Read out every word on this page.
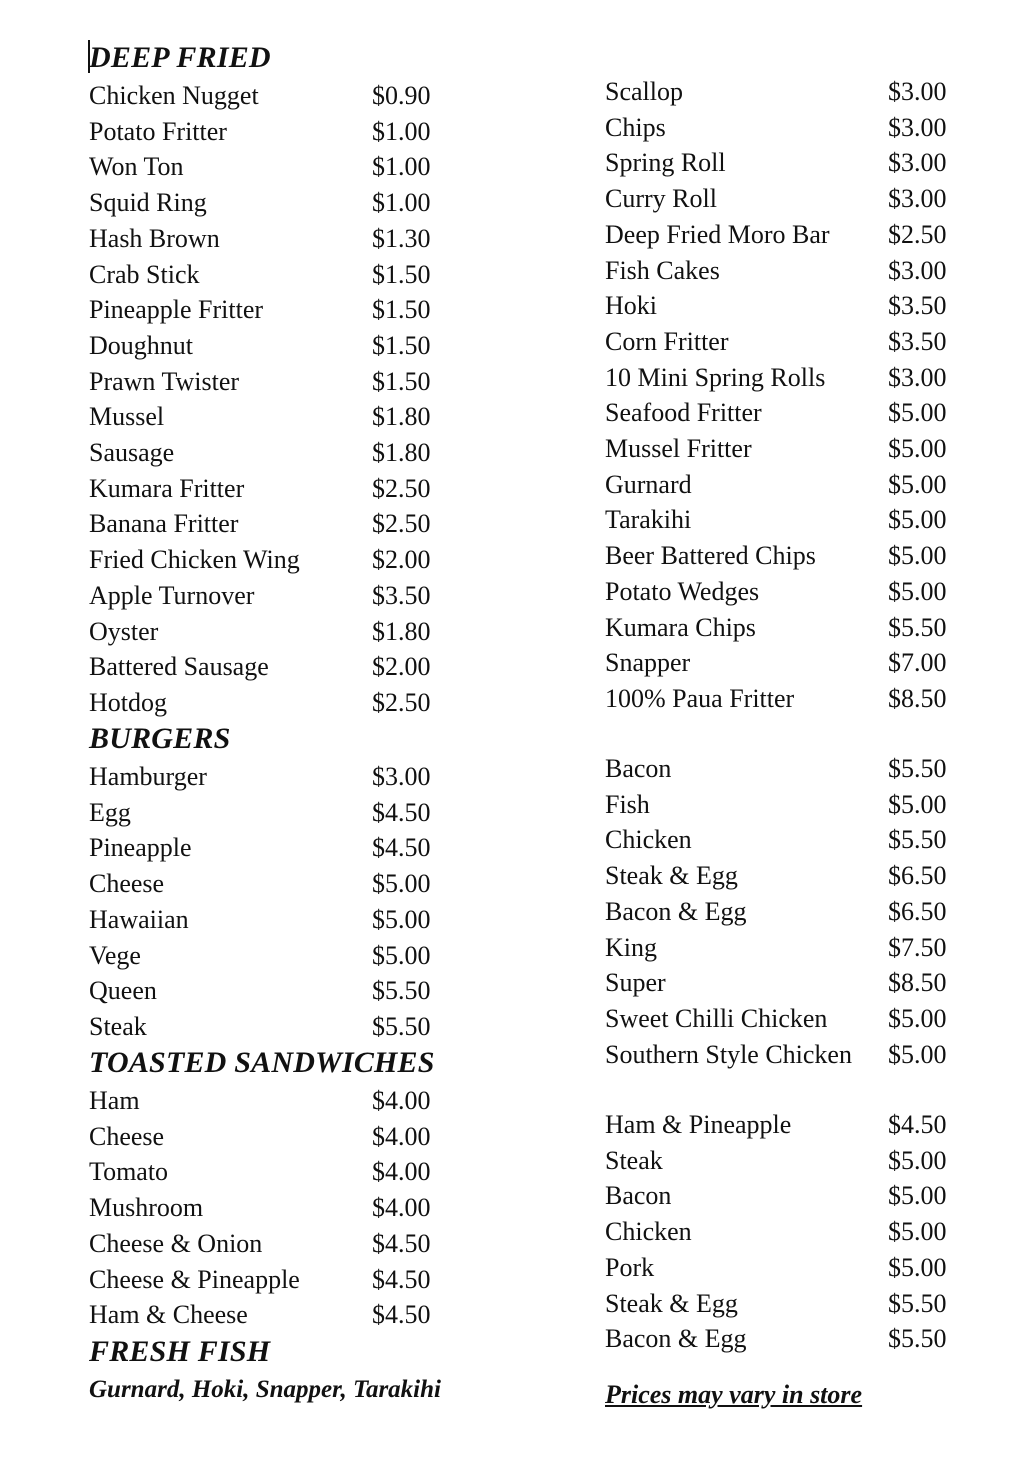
DEEP FRIED
Chicken Nugget	$0.90
Potato Fritter	$1.00
Won Ton	$1.00
Squid Ring	$1.00
Hash Brown	$1.30
Crab Stick	$1.50
Pineapple Fritter	$1.50
Doughnut	$1.50
Prawn Twister	$1.50
Mussel	$1.80
Sausage	$1.80
Kumara Fritter	$2.50
Banana Fritter	$2.50
Fried Chicken Wing	$2.00
Apple Turnover	$3.50
Oyster	$1.80
Battered Sausage	$2.00
Hotdog	$2.50
BURGERS
Hamburger	$3.00
Egg	$4.50
Pineapple	$4.50
Cheese	$5.00
Hawaiian	$5.00
Vege	$5.00
Queen	$5.50
Steak	$5.50
TOASTED SANDWICHES
Ham	$4.00
Cheese	$4.00
Tomato	$4.00
Mushroom	$4.00
Cheese & Onion	$4.50
Cheese & Pineapple	$4.50
Ham & Cheese	$4.50
FRESH FISH
Gurnard, Hoki, Snapper, Tarakihi
Scallop	$3.00
Chips	$3.00
Spring Roll	$3.00
Curry Roll	$3.00
Deep Fried Moro Bar $2.50
Fish Cakes	$3.00
Hoki	$3.50
Corn Fritter	$3.50
10 Mini Spring Rolls $3.00
Seafood Fritter	$5.00
Mussel Fritter	$5.00
Gurnard	$5.00
Tarakihi	$5.00
Beer Battered Chips	$5.00
Potato Wedges	$5.00
Kumara Chips	$5.50
Snapper	$7.00
100% Paua Fritter	$8.50
Bacon	$5.50
Fish	$5.00
Chicken	$5.50
Steak & Egg	$6.50
Bacon & Egg	$6.50
King	$7.50
Super	$8.50
Sweet Chilli Chicken $5.00
Southern Style Chicken $5.00
Ham & Pineapple	$4.50
Steak	$5.00
Bacon	$5.00
Chicken	$5.00
Pork	$5.00
Steak & Egg	$5.50
Bacon & Egg	$5.50
Prices may vary in store
